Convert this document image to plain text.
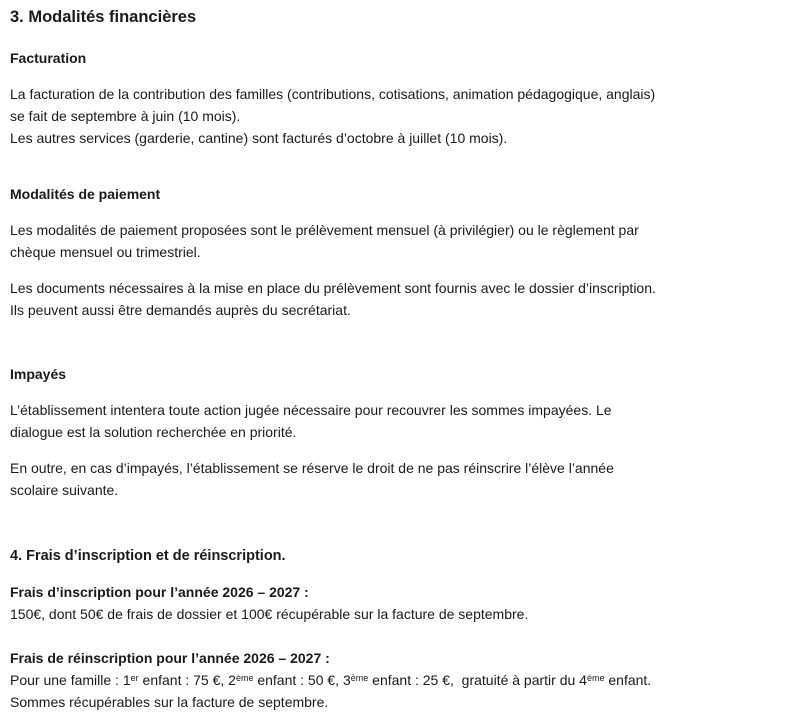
3. Modalités financières
Facturation
La facturation de la contribution des familles (contributions, cotisations, animation pédagogique, anglais)
se fait de septembre à juin (10 mois).
Les autres services (garderie, cantine) sont facturés d’octobre à juillet (10 mois).
Modalités de paiement
Les modalités de paiement proposées sont le prélèvement mensuel (à privilégier) ou le règlement par
chèque mensuel ou trimestriel.
Les documents nécessaires à la mise en place du prélèvement sont fournis avec le dossier d’inscription.
Ils peuvent aussi être demandés auprès du secrétariat.
Impayés
L’établissement intentera toute action jugée nécessaire pour recouvrer les sommes impayées. Le
dialogue est la solution recherchée en priorité.
En outre, en cas d’impayés, l’établissement se réserve le droit de ne pas réinscrire l’élève l’année
scolaire suivante.
4. Frais d’inscription et de réinscription.
Frais d’inscription pour l’année 2026 – 2027 :
150€, dont 50€ de frais de dossier et 100€ récupérable sur la facture de septembre.
Frais de réinscription pour l’année 2026 – 2027 :
Pour une famille : 1er enfant : 75 €, 2ème enfant : 50 €, 3ème enfant : 25 €,  gratuité à partir du 4ème enfant.
Sommes récupérables sur la facture de septembre.
